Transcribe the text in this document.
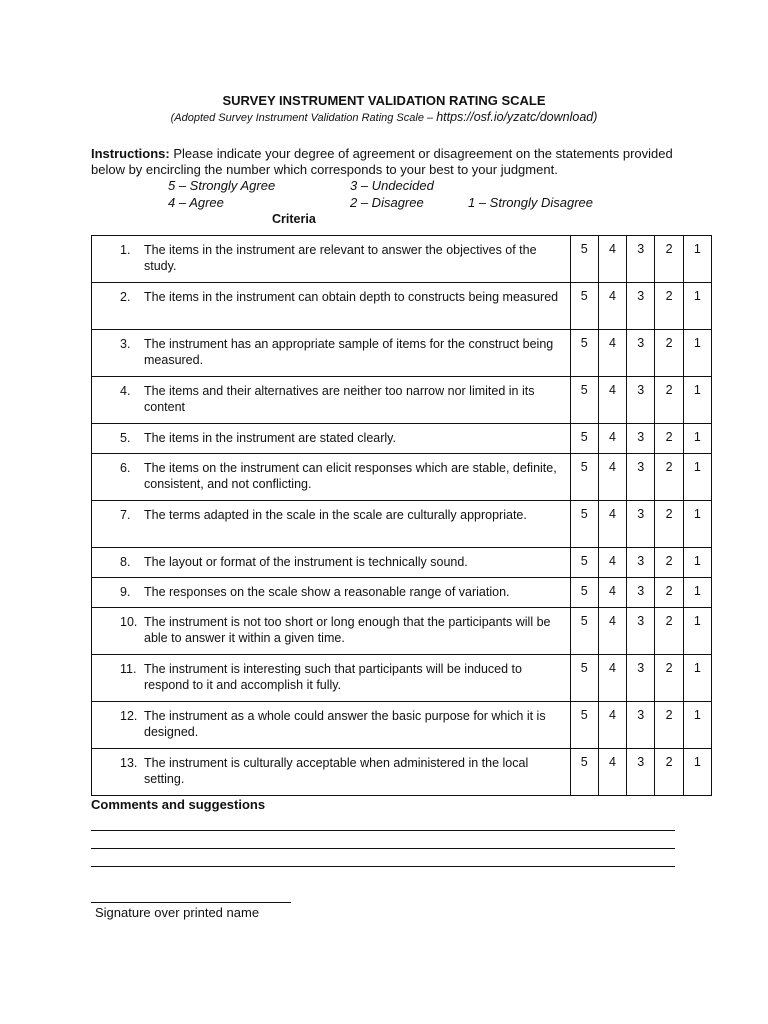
SURVEY INSTRUMENT VALIDATION RATING SCALE
(Adopted Survey Instrument Validation Rating Scale – https://osf.io/yzatc/download)
Instructions: Please indicate your degree of agreement or disagreement on the statements provided below by encircling the number which corresponds to your best to your judgment.
5 – Strongly Agree	3 – Undecided
4 – Agree	2 – Disagree	1 – Strongly Disagree
Criteria
1. The items in the instrument are relevant to answer the objectives of the study.	5	4	3	2	1

2. The items in the instrument can obtain depth to constructs being measured	5	4	3	2	1

3. The instrument has an appropriate sample of items for the construct being measured.	5	4	3	2	1

4. The items and their alternatives are neither too narrow nor limited in its content	5	4	3	2	1

5. The items in the instrument are stated clearly.	5	4	3	2	1

6. The items on the instrument can elicit responses which are stable, definite, consistent, and not conflicting.	5	4	3	2	1

7. The terms adapted in the scale in the scale are culturally appropriate.	5	4	3	2	1

8. The layout or format of the instrument is technically sound.	5	4	3	2	1

9. The responses on the scale show a reasonable range of variation.	5	4	3	2	1

10. The instrument is not too short or long enough that the participants will be able to answer it within a given time.	5	4	3	2	1

11. The instrument is interesting such that participants will be induced to respond to it and accomplish it fully.	5	4	3	2	1

12. The instrument as a whole could answer the basic purpose for which it is designed.	5	4	3	2	1

13. The instrument is culturally acceptable when administered in the local setting.	5	4	3	2	1
Comments and suggestions
Signature over printed name
